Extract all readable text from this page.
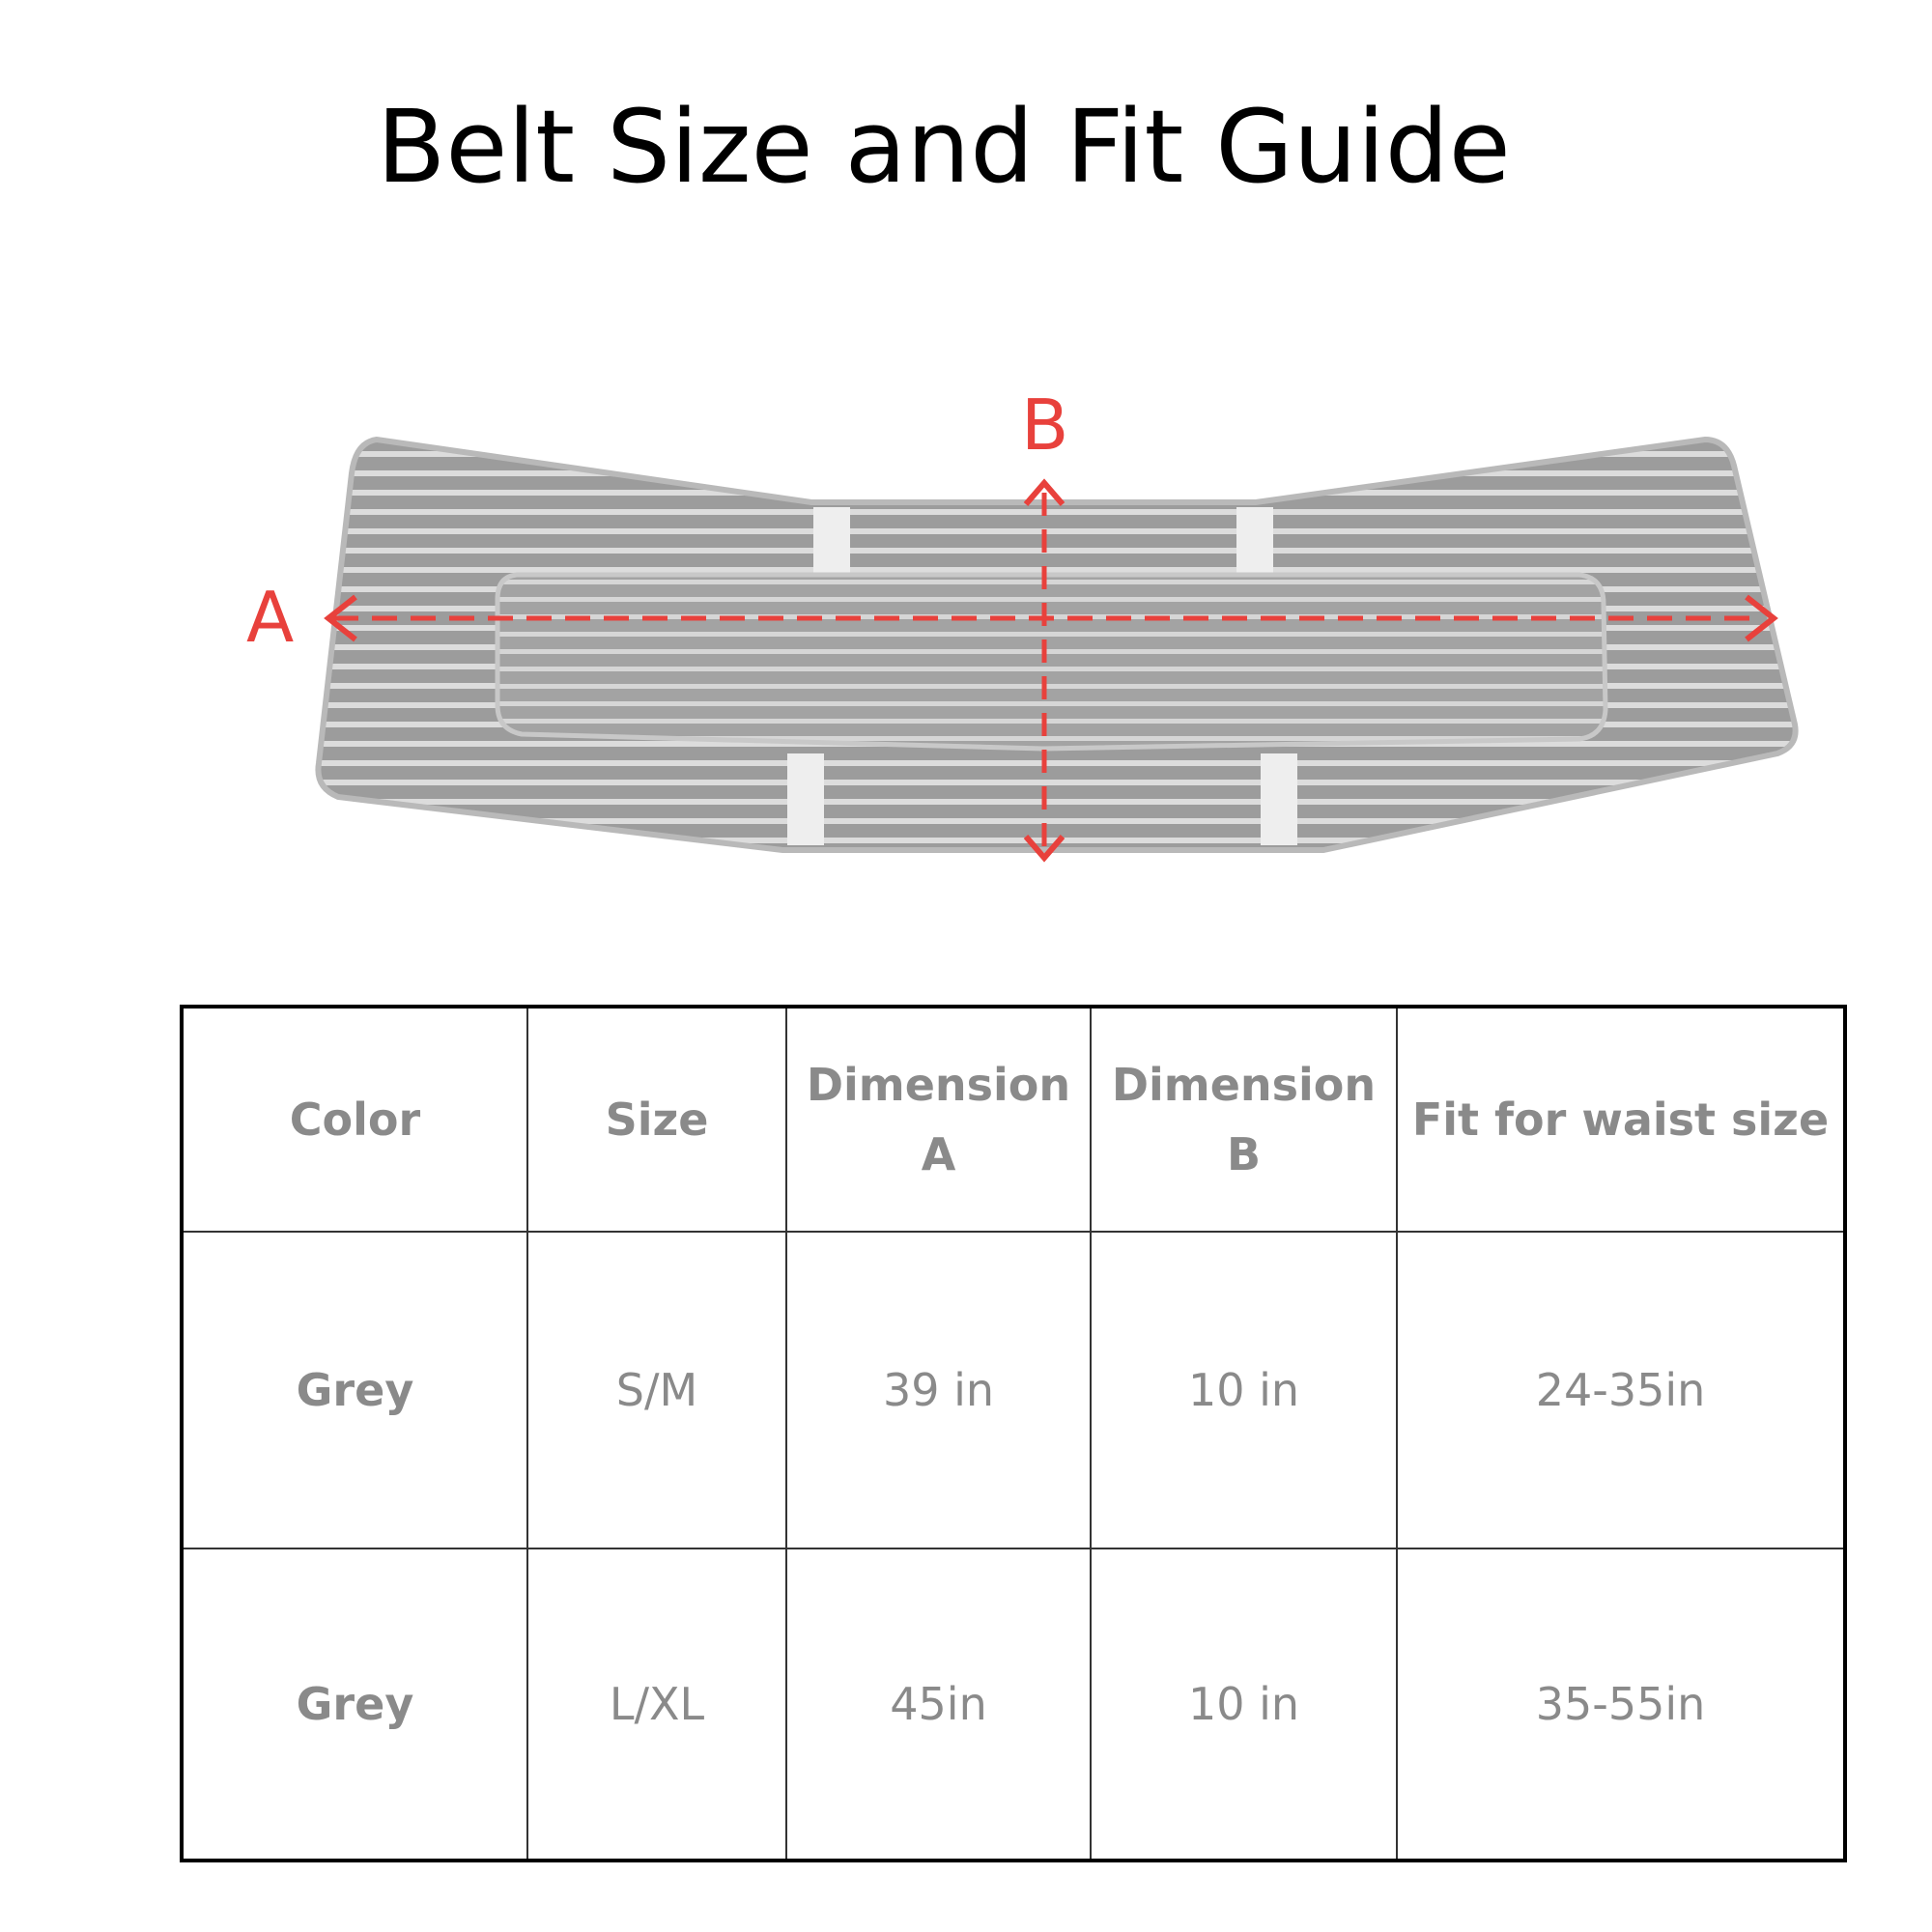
Belt Size and Fit Guide
A
B
Color	Size	Dimension A	Dimension B	Fit for waist size
Grey	S/M	39 in	10 in	24-35in
Grey	L/XL	45in	10 in	35-55in
